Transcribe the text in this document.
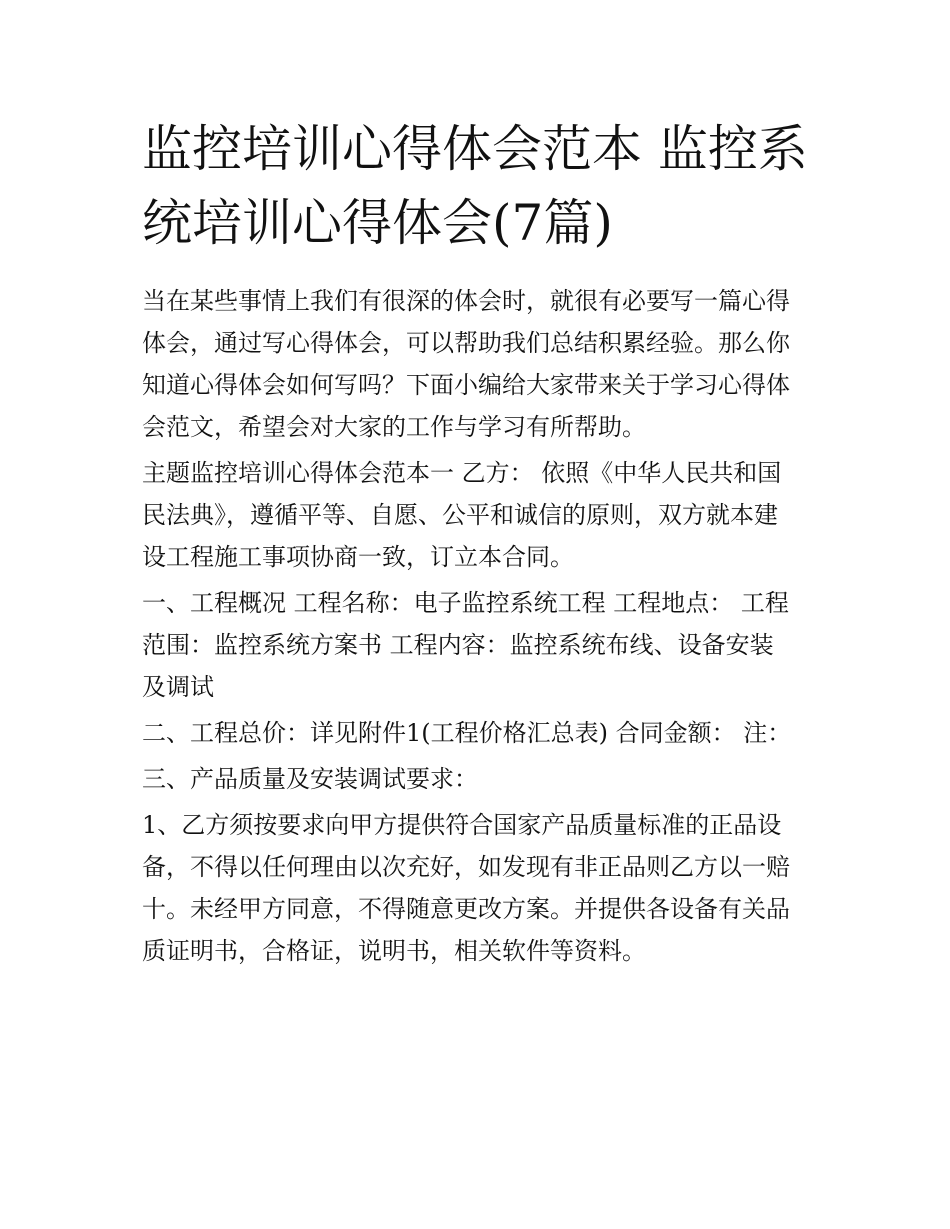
监控培训心得体会范本 监控系
统培训心得体会(7篇)

当在某些事情上我们有很深的体会时，就很有必要写一篇心得
体会，通过写心得体会，可以帮助我们总结积累经验。那么你
知道心得体会如何写吗？下面小编给大家带来关于学习心得体
会范文，希望会对大家的工作与学习有所帮助。

主题监控培训心得体会范本一 乙方： 依照《中华人民共和国
民法典》，遵循平等、自愿、公平和诚信的原则，双方就本建
设工程施工事项协商一致，订立本合同。

一、工程概况 工程名称：电子监控系统工程 工程地点： 工程
范围：监控系统方案书 工程内容：监控系统布线、设备安装
及调试

二、工程总价：详见附件1(工程价格汇总表) 合同金额： 注：

三、产品质量及安装调试要求：

1、乙方须按要求向甲方提供符合国家产品质量标准的正品设
备，不得以任何理由以次充好，如发现有非正品则乙方以一赔
十。未经甲方同意，不得随意更改方案。并提供各设备有关品
质证明书，合格证，说明书，相关软件等资料。
